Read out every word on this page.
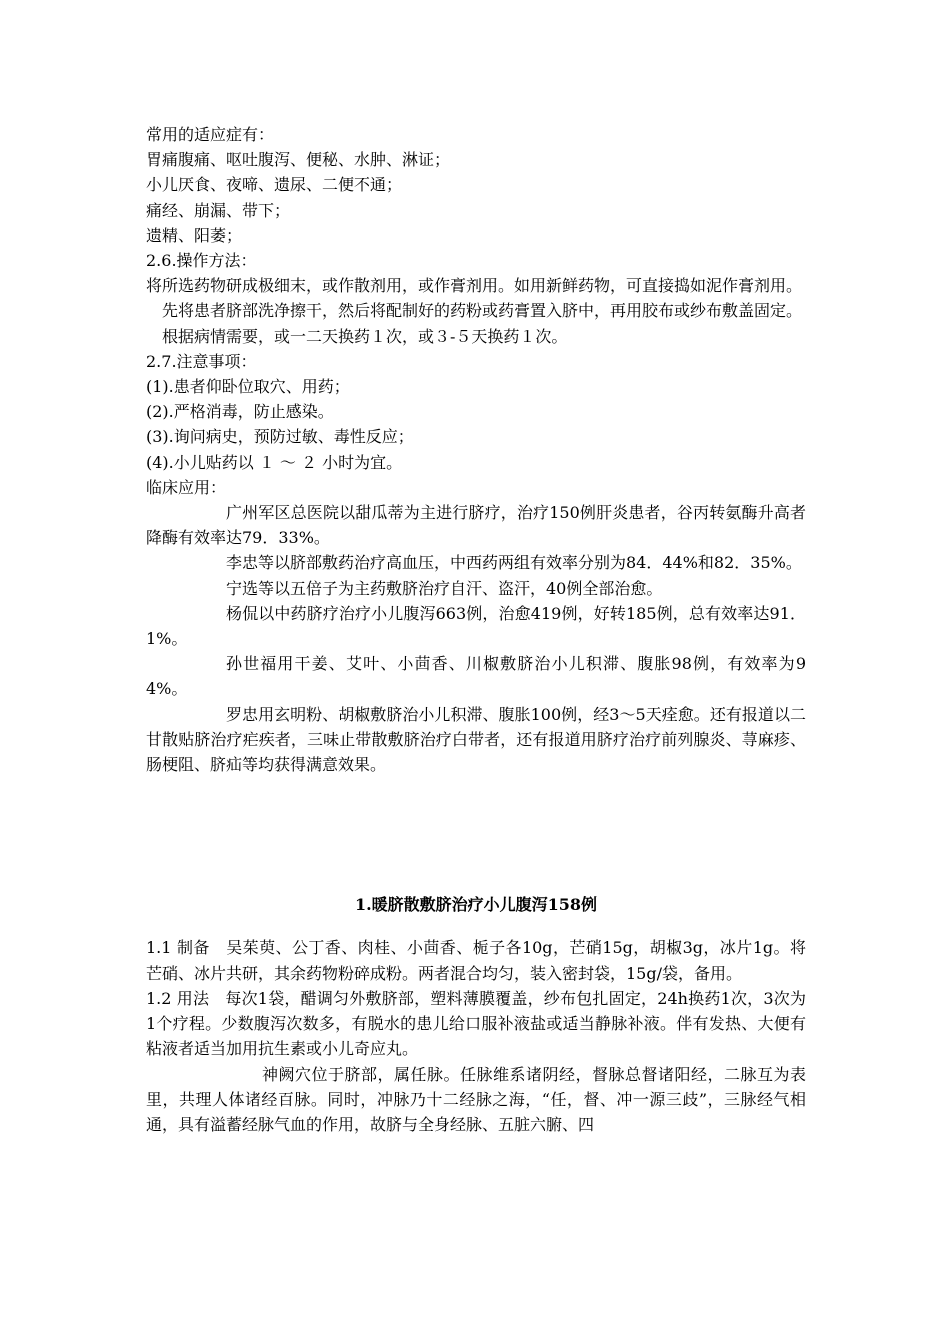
常用的适应症有：
胃痛腹痛、呕吐腹泻、便秘、水肿、淋证；
小儿厌食、夜啼、遗尿、二便不通；
痛经、崩漏、带下；
遗精、阳萎；
2.6.操作方法：
将所选药物研成极细末，或作散剂用，或作膏剂用。如用新鲜药物，可直接捣如泥作膏剂用。
先将患者脐部洗净擦干，然后将配制好的药粉或药膏置入脐中，再用胶布或纱布敷盖固定。
根据病情需要，或一二天换药１次，或３-５天换药１次。
2.7.注意事项：
(1).患者仰卧位取穴、用药；
(2).严格消毒，防止感染。
(3).询问病史，预防过敏、毒性反应；
(4).小儿贴药以 １ ～ ２ 小时为宜。
临床应用：
广州军区总医院以甜瓜蒂为主进行脐疗，治疗150例肝炎患者，谷丙转氨酶升高者降酶有效率达79．33%。
李忠等以脐部敷药治疗高血压，中西药两组有效率分别为84．44%和82．35%。
宁选等以五倍子为主药敷脐治疗自汗、盗汗，40例全部治愈。
杨侃以中药脐疗治疗小儿腹泻663例，治愈419例，好转185例，总有效率达91．1%。
孙世福用干姜、艾叶、小茴香、川椒敷脐治小儿积滞、腹胀98例，有效率为94%。
罗忠用玄明粉、胡椒敷脐治小儿积滞、腹胀100例，经3～5天痊愈。还有报道以二甘散贴脐治疗疟疾者，三味止带散敷脐治疗白带者，还有报道用脐疗治疗前列腺炎、荨麻疹、肠梗阻、脐疝等均获得满意效果。
1.暖脐散敷脐治疗小儿腹泻158例
1.1 制备　吴茱萸、公丁香、肉桂、小茴香、栀子各10g，芒硝15g，胡椒3g，冰片1g。将芒硝、冰片共研，其余药物粉碎成粉。两者混合均匀，装入密封袋，15g/袋，备用。
1.2 用法　每次1袋，醋调匀外敷脐部，塑料薄膜覆盖，纱布包扎固定，24h换药1次，3次为1个疗程。少数腹泻次数多，有脱水的患儿给口服补液盐或适当静脉补液。伴有发热、大便有粘液者适当加用抗生素或小儿奇应丸。
神阙穴位于脐部，属任脉。任脉维系诸阴经，督脉总督诸阳经，二脉互为表里，共理人体诸经百脉。同时，冲脉乃十二经脉之海，“任，督、冲一源三歧”，三脉经气相通，具有溢蓄经脉气血的作用，故脐与全身经脉、五脏六腑、四
